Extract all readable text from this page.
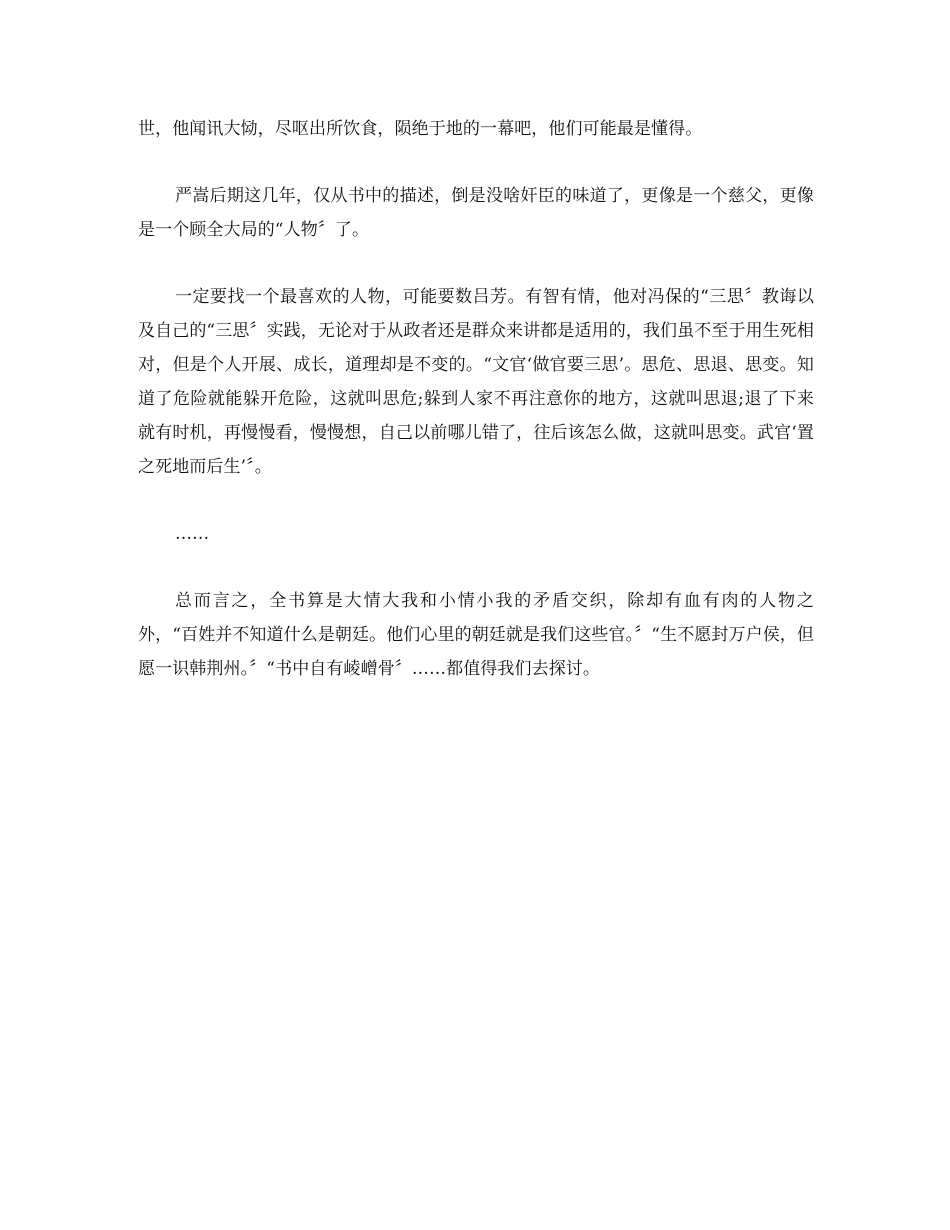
世，他闻讯大恸，尽呕出所饮食，陨绝于地的一幕吧，他们可能最是懂得。

严嵩后期这几年，仅从书中的描述，倒是没啥奸臣的味道了，更像是一个慈父，更像是一个顾全大局的“人物〞了。

一定要找一个最喜欢的人物，可能要数吕芳。有智有情，他对冯保的“三思〞教诲以及自己的“三思〞实践，无论对于从政者还是群众来讲都是适用的，我们虽不至于用生死相对，但是个人开展、成长，道理却是不变的。“文官‘做官要三思’。思危、思退、思变。知道了危险就能躲开危险，这就叫思危;躲到人家不再注意你的地方，这就叫思退;退了下来就有时机，再慢慢看，慢慢想，自己以前哪儿错了，往后该怎么做，这就叫思变。武官‘置之死地而后生’〞。

……

总而言之，全书算是大情大我和小情小我的矛盾交织，除却有血有肉的人物之外，“百姓并不知道什么是朝廷。他们心里的朝廷就是我们这些官。〞“生不愿封万户侯，但愿一识韩荆州。〞“书中自有崚嶒骨〞……都值得我们去探讨。
